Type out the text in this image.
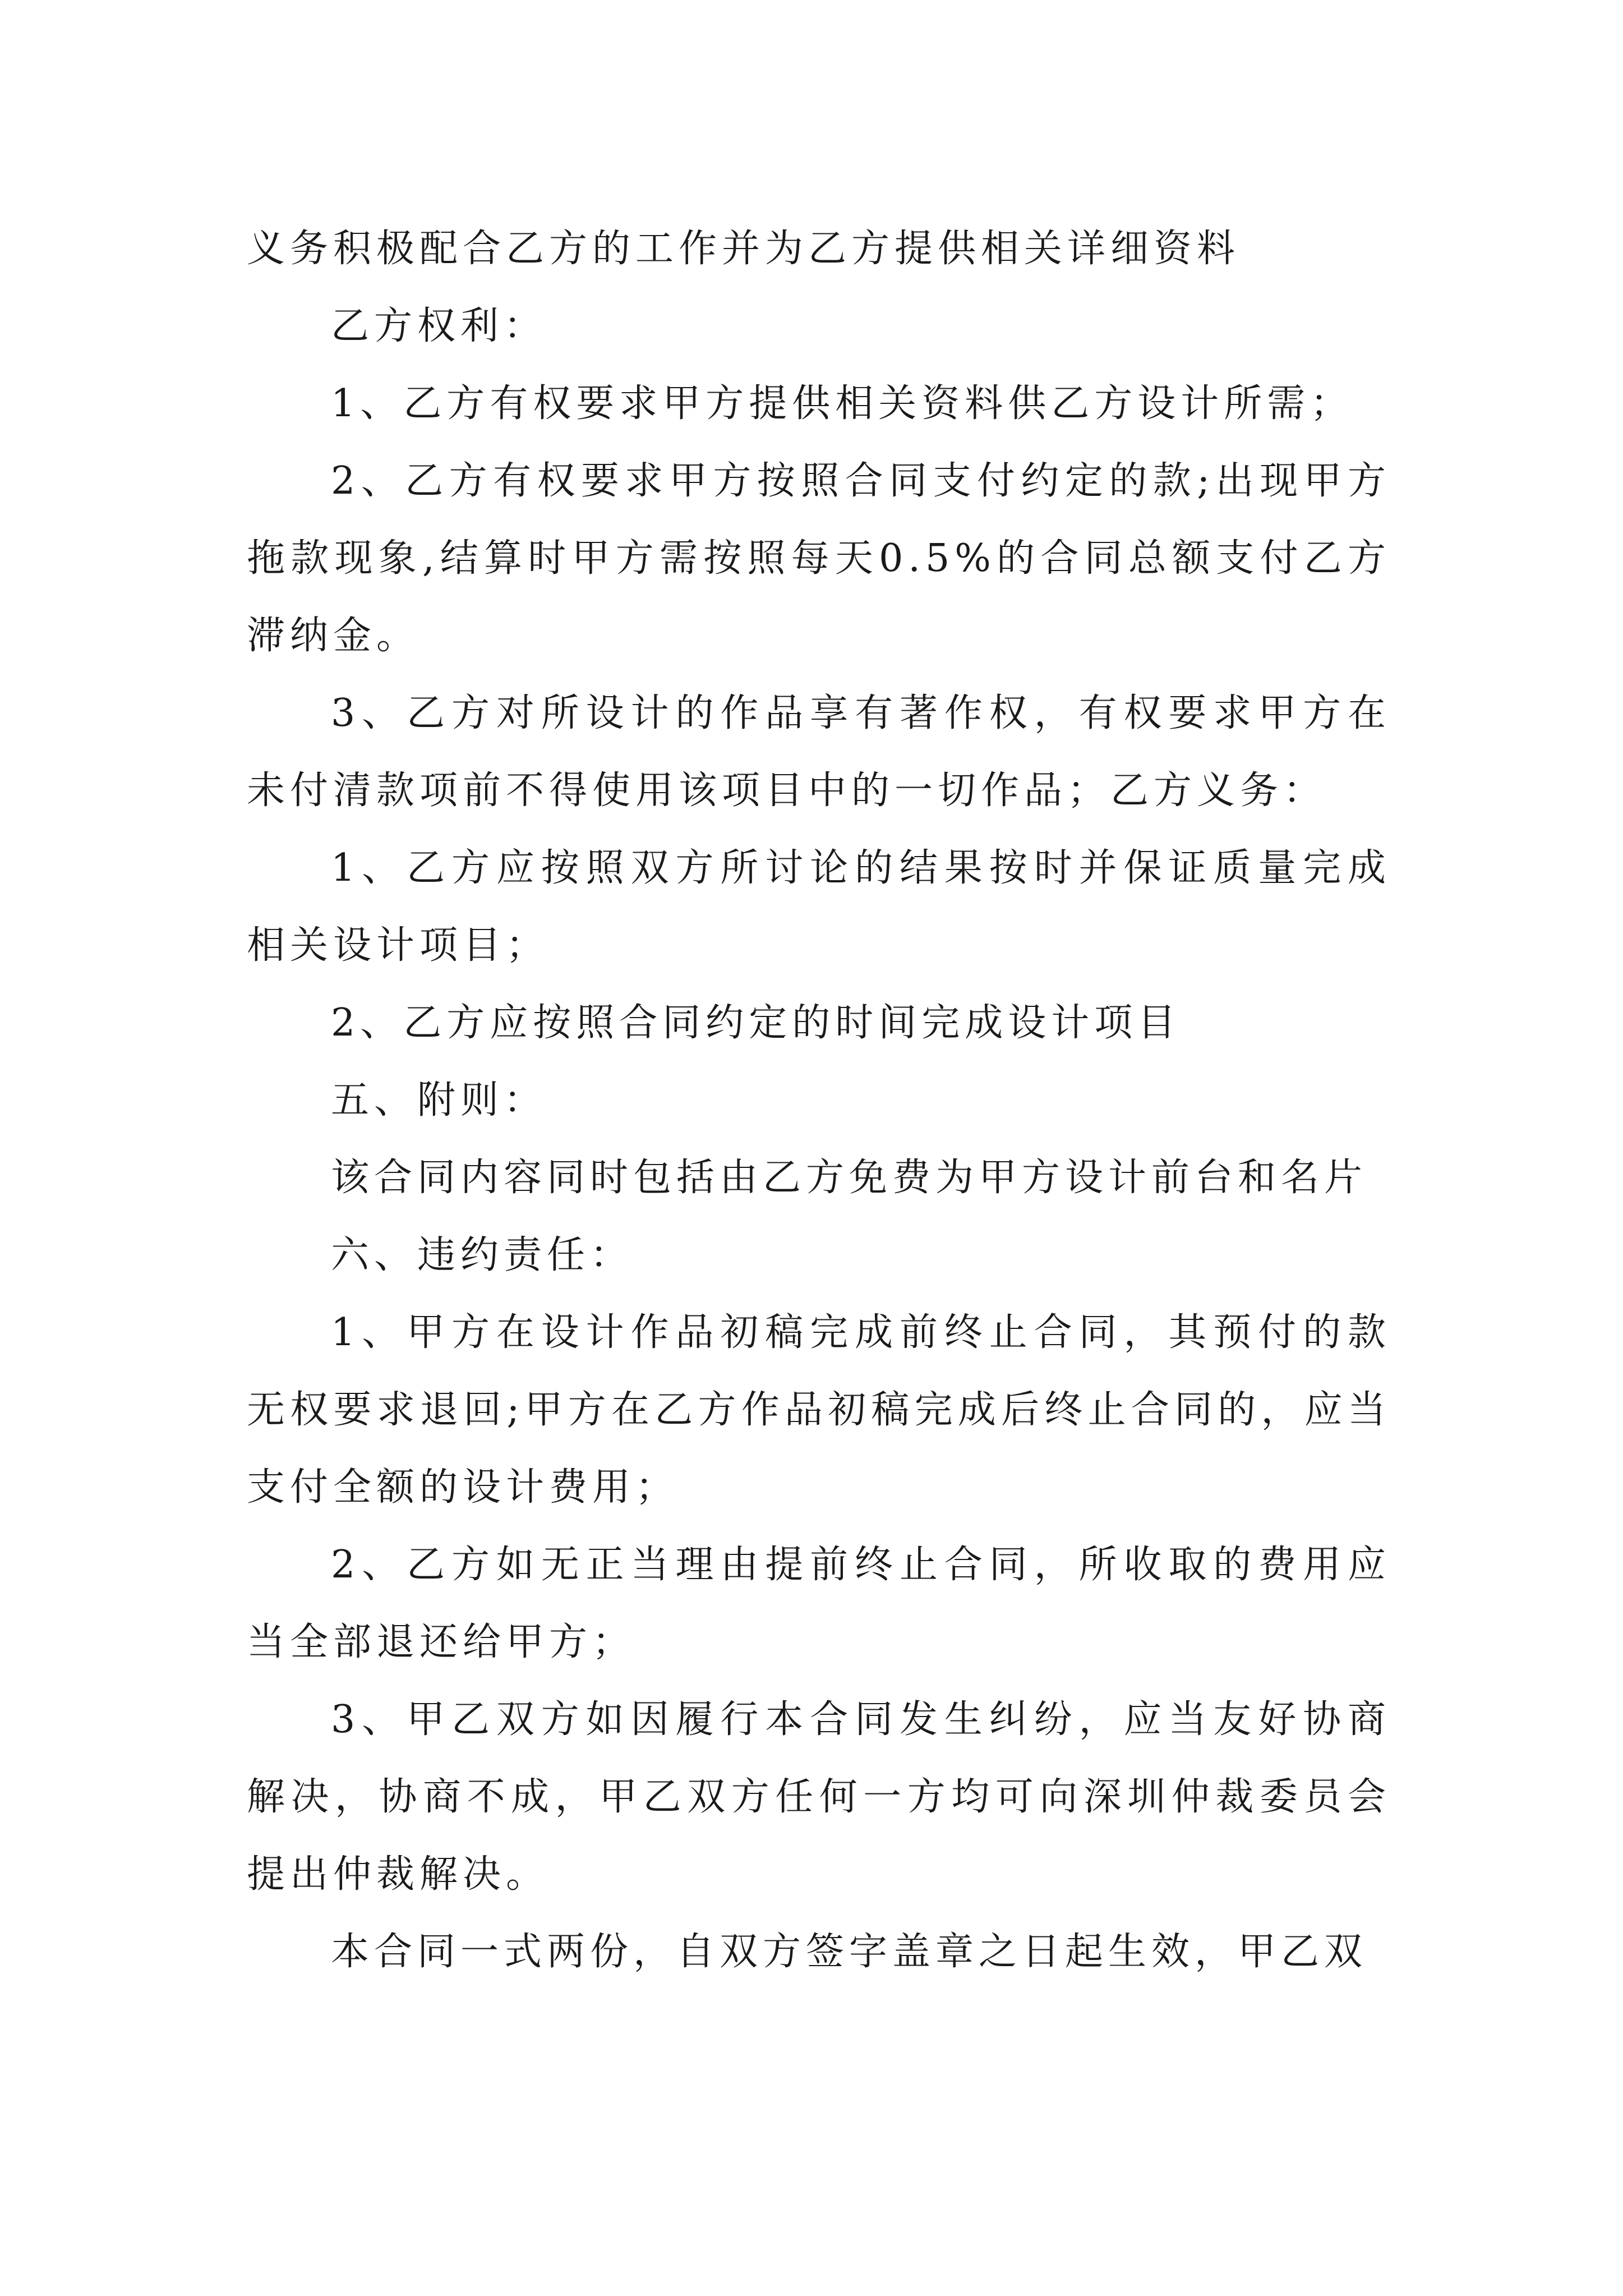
义务积极配合乙方的工作并为乙方提供相关详细资料

乙方权利：

1、乙方有权要求甲方提供相关资料供乙方设计所需；

2、乙方有权要求甲方按照合同支付约定的款;出现甲方拖款现象,结算时甲方需按照每天0.5%的合同总额支付乙方滞纳金。

3、乙方对所设计的作品享有著作权，有权要求甲方在未付清款项前不得使用该项目中的一切作品；乙方义务：

1、乙方应按照双方所讨论的结果按时并保证质量完成相关设计项目；

2、乙方应按照合同约定的时间完成设计项目

五、附则：

该合同内容同时包括由乙方免费为甲方设计前台和名片

六、违约责任：

1、甲方在设计作品初稿完成前终止合同，其预付的款无权要求退回;甲方在乙方作品初稿完成后终止合同的，应当支付全额的设计费用；

2、乙方如无正当理由提前终止合同，所收取的费用应当全部退还给甲方；

3、甲乙双方如因履行本合同发生纠纷，应当友好协商解决，协商不成，甲乙双方任何一方均可向深圳仲裁委员会提出仲裁解决。

本合同一式两份，自双方签字盖章之日起生效，甲乙双
